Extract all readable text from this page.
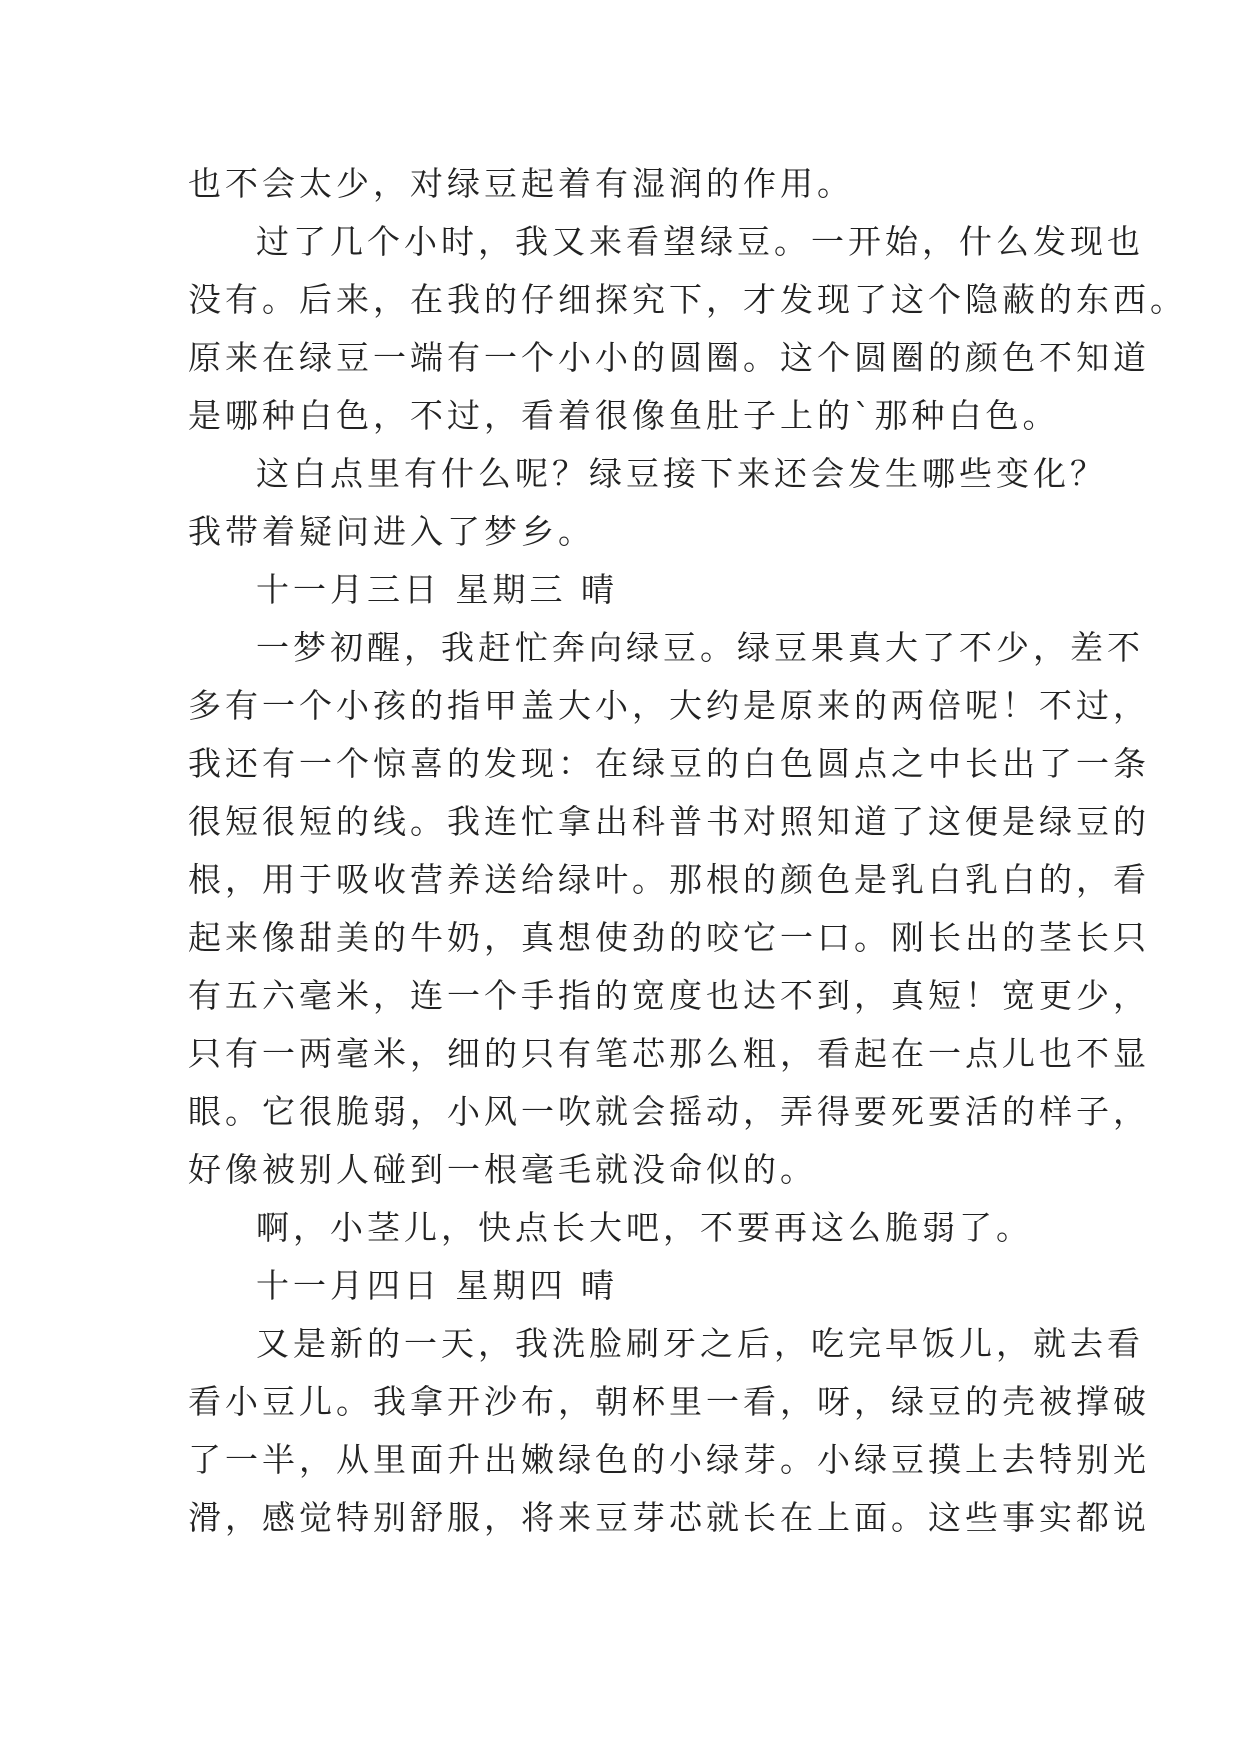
也不会太少，对绿豆起着有湿润的作用。
过了几个小时，我又来看望绿豆。一开始，什么发现也
没有。后来，在我的仔细探究下，才发现了这个隐蔽的东西。
原来在绿豆一端有一个小小的圆圈。这个圆圈的颜色不知道
是哪种白色，不过，看着很像鱼肚子上的`那种白色。
这白点里有什么呢？绿豆接下来还会发生哪些变化？
我带着疑问进入了梦乡。
十一月三日 星期三 晴
一梦初醒，我赶忙奔向绿豆。绿豆果真大了不少，差不
多有一个小孩的指甲盖大小，大约是原来的两倍呢！不过，
我还有一个惊喜的发现：在绿豆的白色圆点之中长出了一条
很短很短的线。我连忙拿出科普书对照知道了这便是绿豆的
根，用于吸收营养送给绿叶。那根的颜色是乳白乳白的，看
起来像甜美的牛奶，真想使劲的咬它一口。刚长出的茎长只
有五六毫米，连一个手指的宽度也达不到，真短！宽更少，
只有一两毫米，细的只有笔芯那么粗，看起在一点儿也不显
眼。它很脆弱，小风一吹就会摇动，弄得要死要活的样子，
好像被别人碰到一根毫毛就没命似的。
啊，小茎儿，快点长大吧，不要再这么脆弱了。
十一月四日 星期四 晴
又是新的一天，我洗脸刷牙之后，吃完早饭儿，就去看
看小豆儿。我拿开沙布，朝杯里一看，呀，绿豆的壳被撑破
了一半，从里面升出嫩绿色的小绿芽。小绿豆摸上去特别光
滑，感觉特别舒服，将来豆芽芯就长在上面。这些事实都说
